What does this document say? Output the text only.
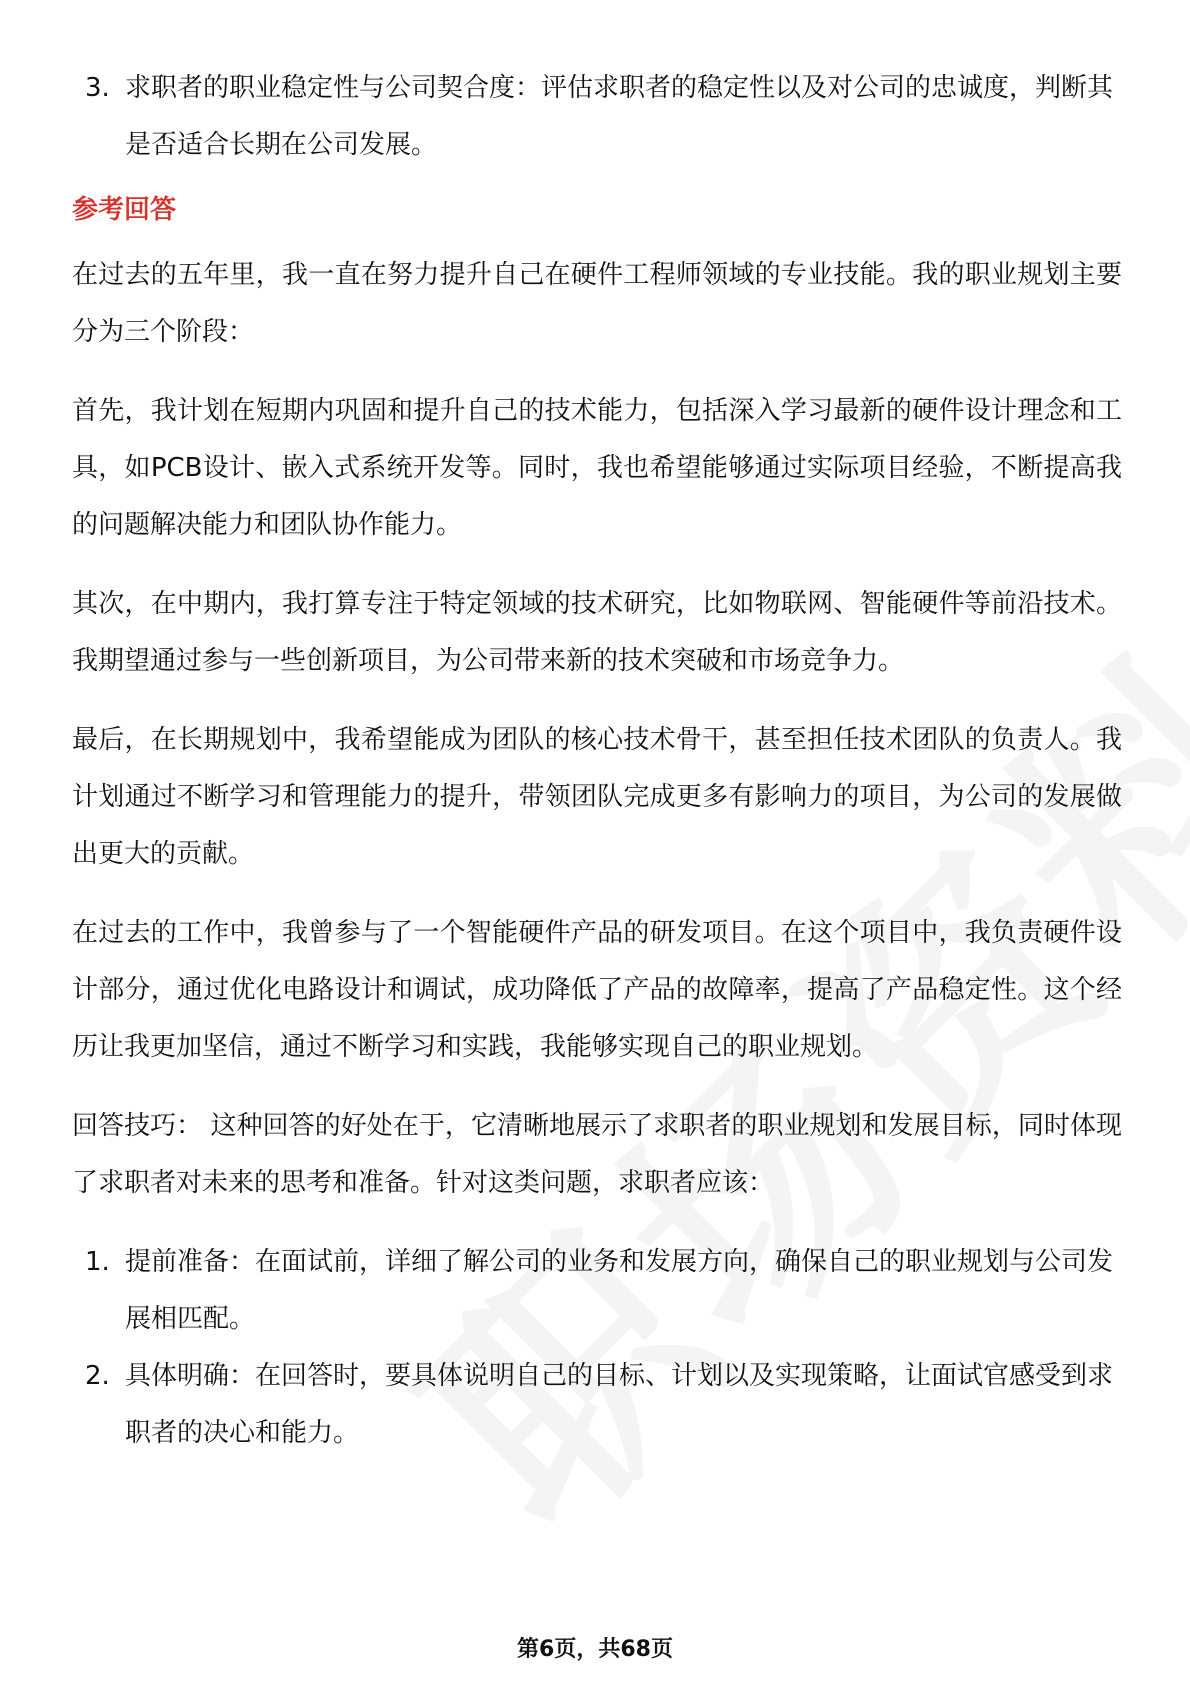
3. 求职者的职业稳定性与公司契合度：评估求职者的稳定性以及对公司的忠诚度，判断其是否适合长期在公司发展。
参考回答

在过去的五年里，我一直在努力提升自己在硬件工程师领域的专业技能。我的职业规划主要分为三个阶段：

首先，我计划在短期内巩固和提升自己的技术能力，包括深入学习最新的硬件设计理念和工具，如PCB设计、嵌入式系统开发等。同时，我也希望能够通过实际项目经验，不断提高我的问题解决能力和团队协作能力。

其次，在中期内，我打算专注于特定领域的技术研究，比如物联网、智能硬件等前沿技术。我期望通过参与一些创新项目，为公司带来新的技术突破和市场竞争力。

最后，在长期规划中，我希望能成为团队的核心技术骨干，甚至担任技术团队的负责人。我计划通过不断学习和管理能力的提升，带领团队完成更多有影响力的项目，为公司的发展做出更大的贡献。

在过去的工作中，我曾参与了一个智能硬件产品的研发项目。在这个项目中，我负责硬件设计部分，通过优化电路设计和调试，成功降低了产品的故障率，提高了产品稳定性。这个经历让我更加坚信，通过不断学习和实践，我能够实现自己的职业规划。

回答技巧： 这种回答的好处在于，它清晰地展示了求职者的职业规划和发展目标，同时体现了求职者对未来的思考和准备。针对这类问题，求职者应该：

1. 提前准备：在面试前，详细了解公司的业务和发展方向，确保自己的职业规划与公司发展相匹配。
2. 具体明确：在回答时，要具体说明自己的目标、计划以及实现策略，让面试官感受到求职者的决心和能力。
第6页，共68页
